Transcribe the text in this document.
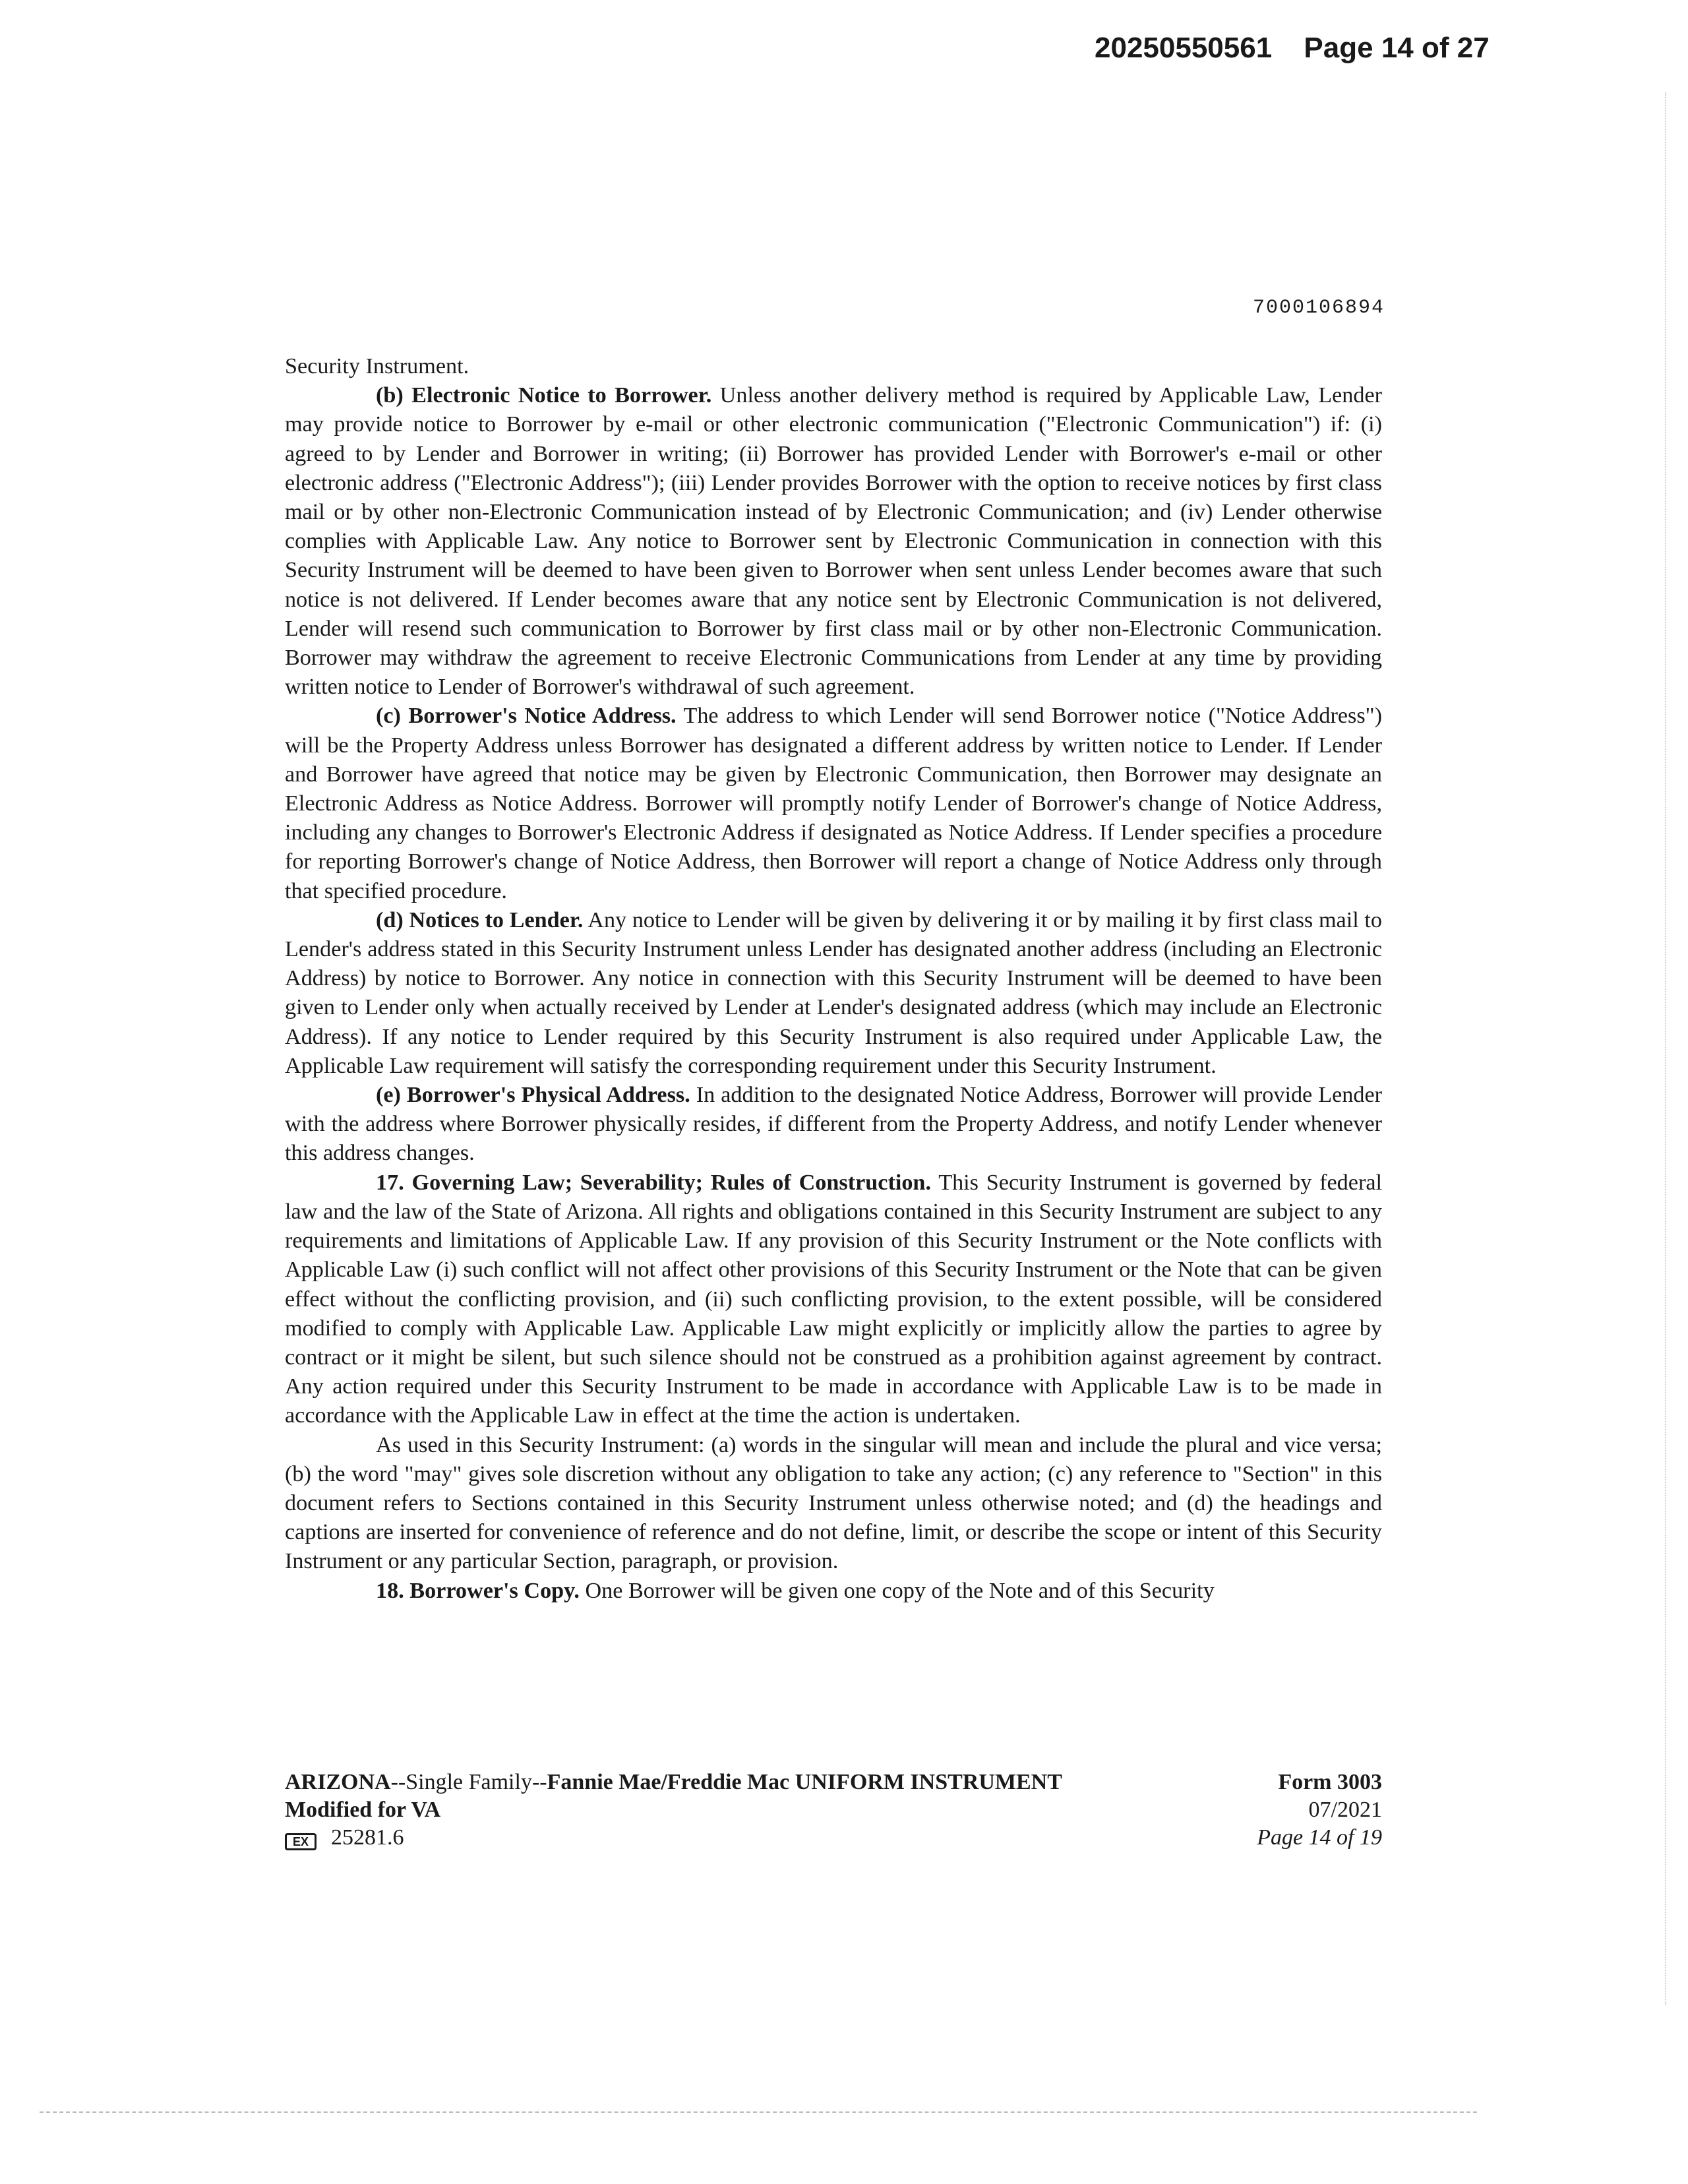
20250550561 Page 14 of 27
7000106894

Security Instrument.

(b) Electronic Notice to Borrower. Unless another delivery method is required by Applicable Law, Lender may provide notice to Borrower by e-mail or other electronic communication ("Electronic Communication") if: (i) agreed to by Lender and Borrower in writing; (ii) Borrower has provided Lender with Borrower's e-mail or other electronic address ("Electronic Address"); (iii) Lender provides Borrower with the option to receive notices by first class mail or by other non-Electronic Communication instead of by Electronic Communication; and (iv) Lender otherwise complies with Applicable Law. Any notice to Borrower sent by Electronic Communication in connection with this Security Instrument will be deemed to have been given to Borrower when sent unless Lender becomes aware that such notice is not delivered. If Lender becomes aware that any notice sent by Electronic Communication is not delivered, Lender will resend such communication to Borrower by first class mail or by other non-Electronic Communication. Borrower may withdraw the agreement to receive Electronic Communications from Lender at any time by providing written notice to Lender of Borrower's withdrawal of such agreement.

(c) Borrower's Notice Address. The address to which Lender will send Borrower notice ("Notice Address") will be the Property Address unless Borrower has designated a different address by written notice to Lender. If Lender and Borrower have agreed that notice may be given by Electronic Communication, then Borrower may designate an Electronic Address as Notice Address. Borrower will promptly notify Lender of Borrower's change of Notice Address, including any changes to Borrower's Electronic Address if designated as Notice Address. If Lender specifies a procedure for reporting Borrower's change of Notice Address, then Borrower will report a change of Notice Address only through that specified procedure.

(d) Notices to Lender. Any notice to Lender will be given by delivering it or by mailing it by first class mail to Lender's address stated in this Security Instrument unless Lender has designated another address (including an Electronic Address) by notice to Borrower. Any notice in connection with this Security Instrument will be deemed to have been given to Lender only when actually received by Lender at Lender's designated address (which may include an Electronic Address). If any notice to Lender required by this Security Instrument is also required under Applicable Law, the Applicable Law requirement will satisfy the corresponding requirement under this Security Instrument.

(e) Borrower's Physical Address. In addition to the designated Notice Address, Borrower will provide Lender with the address where Borrower physically resides, if different from the Property Address, and notify Lender whenever this address changes.

17. Governing Law; Severability; Rules of Construction. This Security Instrument is governed by federal law and the law of the State of Arizona. All rights and obligations contained in this Security Instrument are subject to any requirements and limitations of Applicable Law. If any provision of this Security Instrument or the Note conflicts with Applicable Law (i) such conflict will not affect other provisions of this Security Instrument or the Note that can be given effect without the conflicting provision, and (ii) such conflicting provision, to the extent possible, will be considered modified to comply with Applicable Law. Applicable Law might explicitly or implicitly allow the parties to agree by contract or it might be silent, but such silence should not be construed as a prohibition against agreement by contract. Any action required under this Security Instrument to be made in accordance with Applicable Law is to be made in accordance with the Applicable Law in effect at the time the action is undertaken.

As used in this Security Instrument: (a) words in the singular will mean and include the plural and vice versa; (b) the word "may" gives sole discretion without any obligation to take any action; (c) any reference to "Section" in this document refers to Sections contained in this Security Instrument unless otherwise noted; and (d) the headings and captions are inserted for convenience of reference and do not define, limit, or describe the scope or intent of this Security Instrument or any particular Section, paragraph, or provision.

18. Borrower's Copy. One Borrower will be given one copy of the Note and of this Security

ARIZONA--Single Family--Fannie Mae/Freddie Mac UNIFORM INSTRUMENT
Modified for VA
EX 25281.6
Form 3003
07/2021
Page 14 of 19
